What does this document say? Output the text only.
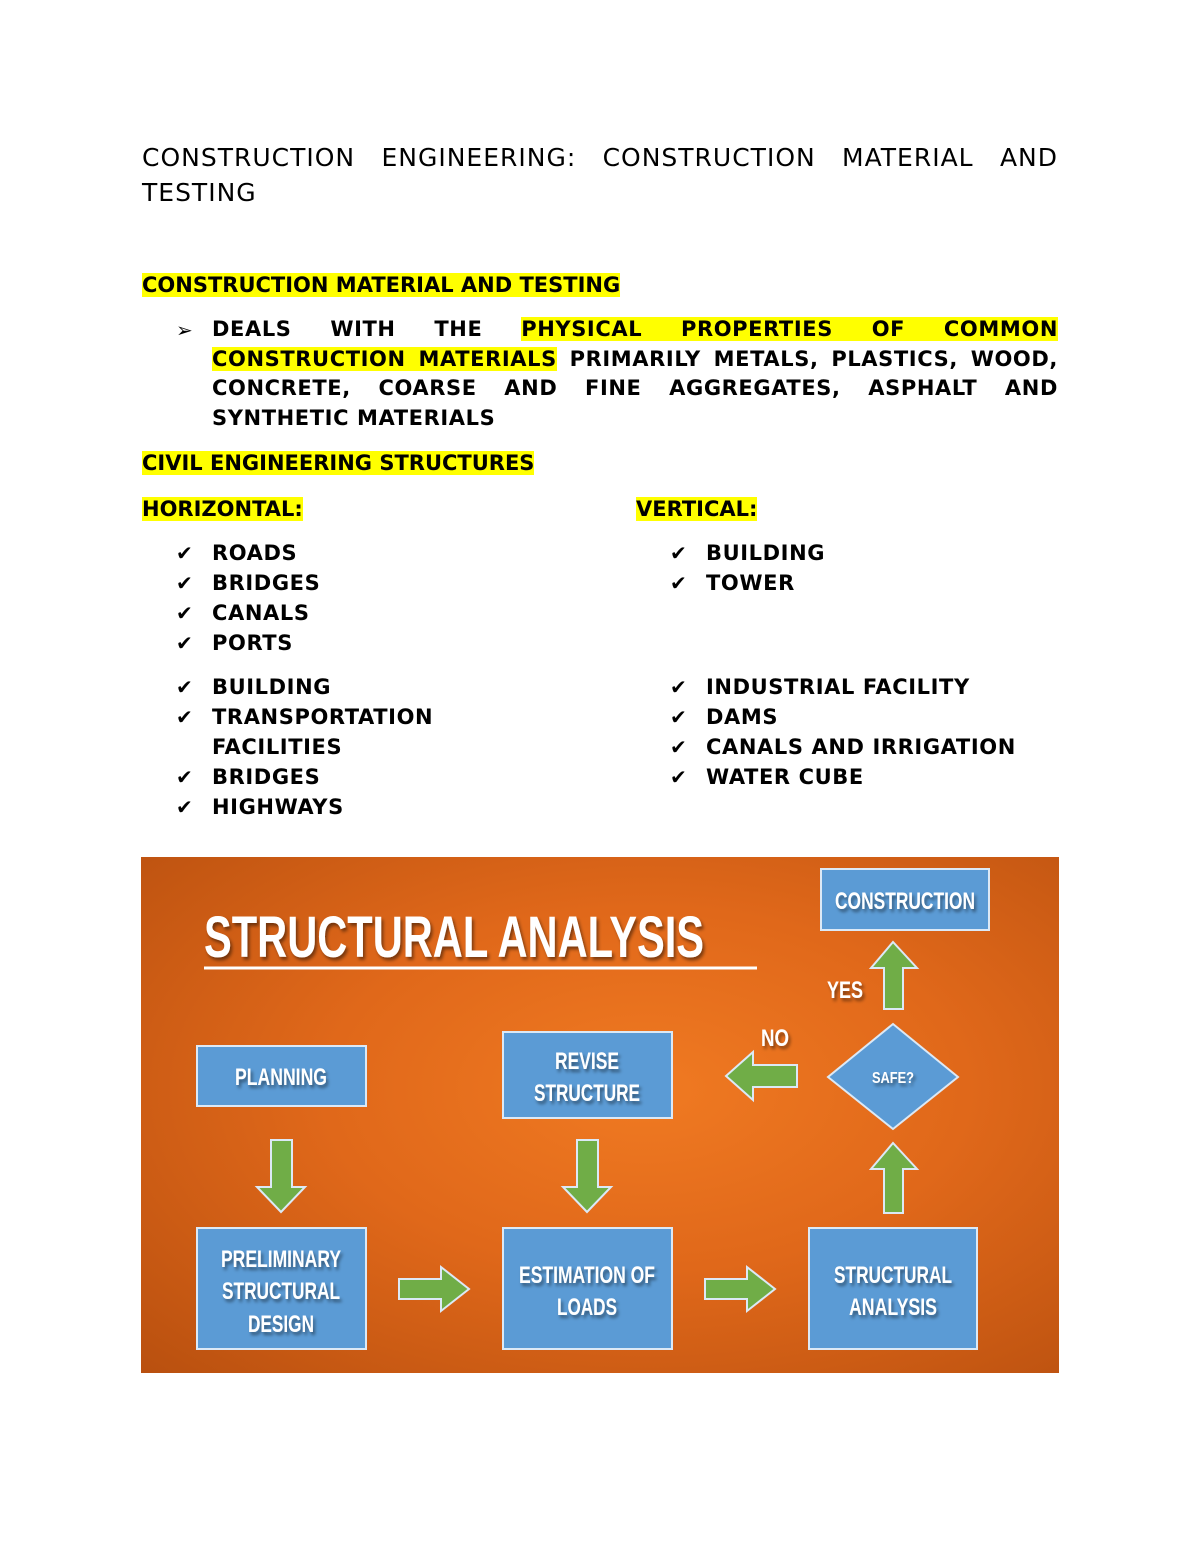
CONSTRUCTION ENGINEERING: CONSTRUCTION MATERIAL AND TESTING
CONSTRUCTION MATERIAL AND TESTING
➢ DEALS WITH THE PHYSICAL PROPERTIES OF COMMON CONSTRUCTION MATERIALS PRIMARILY METALS, PLASTICS, WOOD, CONCRETE, COARSE AND FINE AGGREGATES, ASPHALT AND SYNTHETIC MATERIALS
CIVIL ENGINEERING STRUCTURES
HORIZONTAL:	VERTICAL:
✔ ROADS
✔ BRIDGES
✔ CANALS
✔ PORTS
✔ BUILDING
✔ TOWER
✔ BUILDING
✔ TRANSPORTATION FACILITIES
✔ BRIDGES
✔ HIGHWAYS
✔ INDUSTRIAL FACILITY
✔ DAMS
✔ CANALS AND IRRIGATION
✔ WATER CUBE
STRUCTURAL ANALYSIS
PLANNING
PRELIMINARY
STRUCTURAL
DESIGN
ESTIMATION OF
LOADS
STRUCTURAL
ANALYSIS
REVISE
STRUCTURE
CONSTRUCTION
SAFE?
YES
NO
